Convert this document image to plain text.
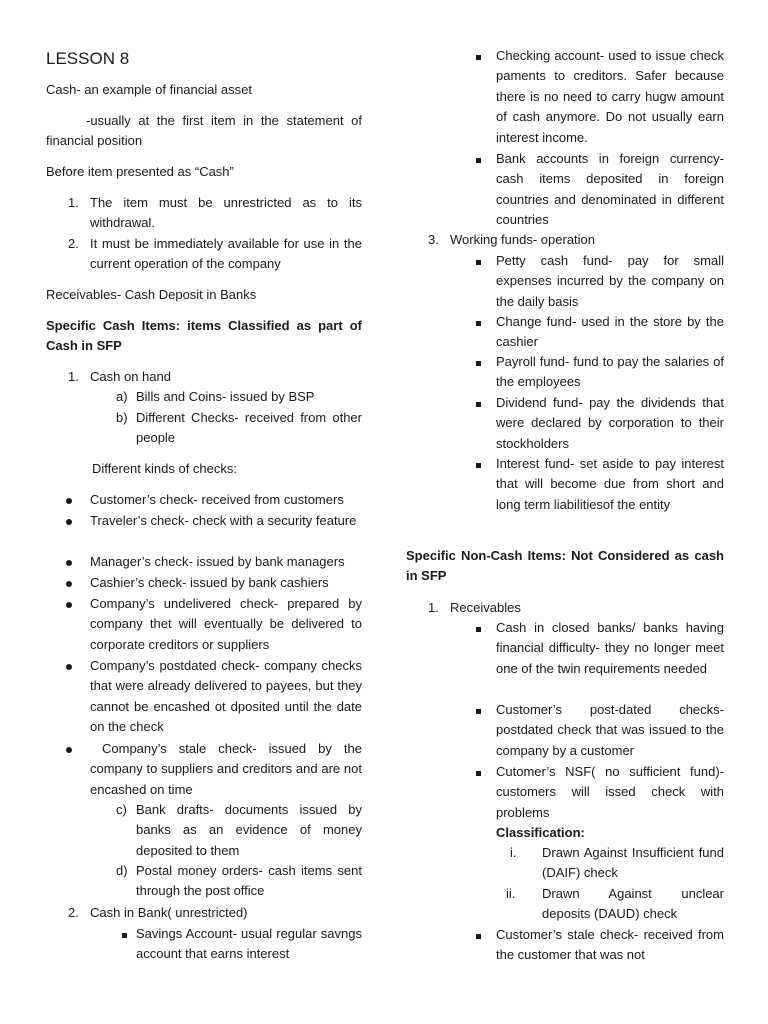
LESSON 8
Cash- an example of financial asset
-usually at the first item in the statement of financial position
Before item presented as “Cash”
1. The item must be unrestricted as to its withdrawal.
2. It must be immediately available for use in the current operation of the company
Receivables- Cash Deposit in Banks
Specific Cash Items: items Classified as part of Cash in SFP
1. Cash on hand
a) Bills and Coins- issued by BSP
b) Different Checks- received from other people
Different kinds of checks:
Customer’s check- received from customers
Traveler’s check- check with a security feature
Manager’s check- issued by bank managers
Cashier’s check- issued by bank cashiers
Company’s undelivered check- prepared by company thet will eventually be delivered to corporate creditors or suppliers
Company’s postdated check- company checks that were already delivered to payees, but they cannot be encashed ot dposited until the date on the check
Company’s stale check- issued by the company to suppliers and creditors and are not encashed on time
c) Bank drafts- documents issued by banks as an evidence of money deposited to them
d) Postal money orders- cash items sent through the post office
2. Cash in Bank( unrestricted)
Savings Account- usual regular savngs account that earns interest
Checking account- used to issue check paments to creditors. Safer because there is no need to carry hugw amount of cash anymore. Do not usually earn interest income.
Bank accounts in foreign currency- cash items deposited in foreign countries and denominated in different countries
3. Working funds- operation
Petty cash fund- pay for small expenses incurred by the company on the daily basis
Change fund- used in the store by the cashier
Payroll fund- fund to pay the salaries of the employees
Dividend fund- pay the dividends that were declared by corporation to their stockholders
Interest fund- set aside to pay interest that will become due from short and long term liabilitiesof the entity
Specific Non-Cash Items: Not Considered as cash in SFP
1. Receivables
Cash in closed banks/ banks having financial difficulty- they no longer meet one of the twin requirements needed
Customer’s post-dated checks- postdated check that was issued to the company by a customer
Cutomer’s NSF( no sufficient fund)- customers will issed check with problems
Classification:
i. Drawn Against Insufficient fund (DAIF) check
ii. Drawn Against unclear deposits (DAUD) check
Customer’s stale check- received from the customer that was not
